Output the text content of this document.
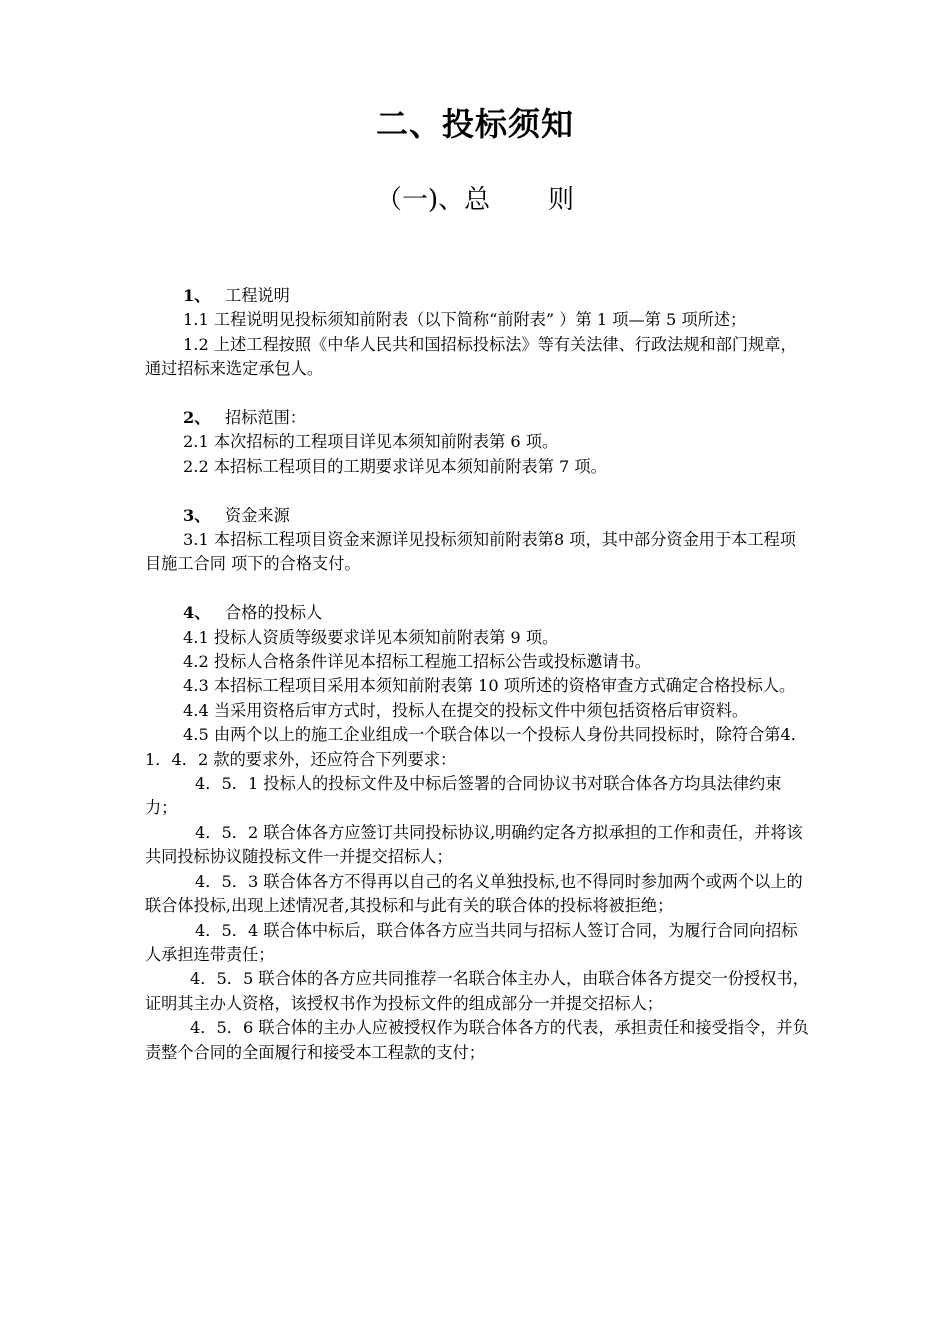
二、投标须知
（一)、总       则

1、 工程说明

1.1 工程说明见投标须知前附表（以下简称“前附表” ）第 1 项—第 5 项所述；

1.2 上述工程按照《中华人民共和国招标投标法》等有关法律、行政法规和部门规章，通过招标来选定承包人。

2、 招标范围：

2.1 本次招标的工程项目详见本须知前附表第 6 项。

2.2 本招标工程项目的工期要求详见本须知前附表第 7 项。

3、 资金来源

3.1 本招标工程项目资金来源详见投标须知前附表第8 项，其中部分资金用于本工程项目施工合同 项下的合格支付。

4、 合格的投标人

4.1 投标人资质等级要求详见本须知前附表第 9 项。

4.2 投标人合格条件详见本招标工程施工招标公告或投标邀请书。

4.3 本招标工程项目采用本须知前附表第 10 项所述的资格审查方式确定合格投标人。

4.4 当采用资格后审方式时，投标人在提交的投标文件中须包括资格后审资料。

4.5 由两个以上的施工企业组成一个联合体以一个投标人身份共同投标时，除符合第4．1．4．2 款的要求外，还应符合下列要求：

4．5．1 投标人的投标文件及中标后签署的合同协议书对联合体各方均具法律约束力；

4．5．2 联合体各方应签订共同投标协议,明确约定各方拟承担的工作和责任，并将该共同投标协议随投标文件一并提交招标人；

4．5．3 联合体各方不得再以自己的名义单独投标,也不得同时参加两个或两个以上的联合体投标,出现上述情况者,其投标和与此有关的联合体的投标将被拒绝；

4．5．4 联合体中标后，联合体各方应当共同与招标人签订合同，为履行合同向招标人承担连带责任；

4．5．5 联合体的各方应共同推荐一名联合体主办人，由联合体各方提交一份授权书，证明其主办人资格，该授权书作为投标文件的组成部分一并提交招标人；

4．5．6 联合体的主办人应被授权作为联合体各方的代表，承担责任和接受指令，并负责整个合同的全面履行和接受本工程款的支付；
